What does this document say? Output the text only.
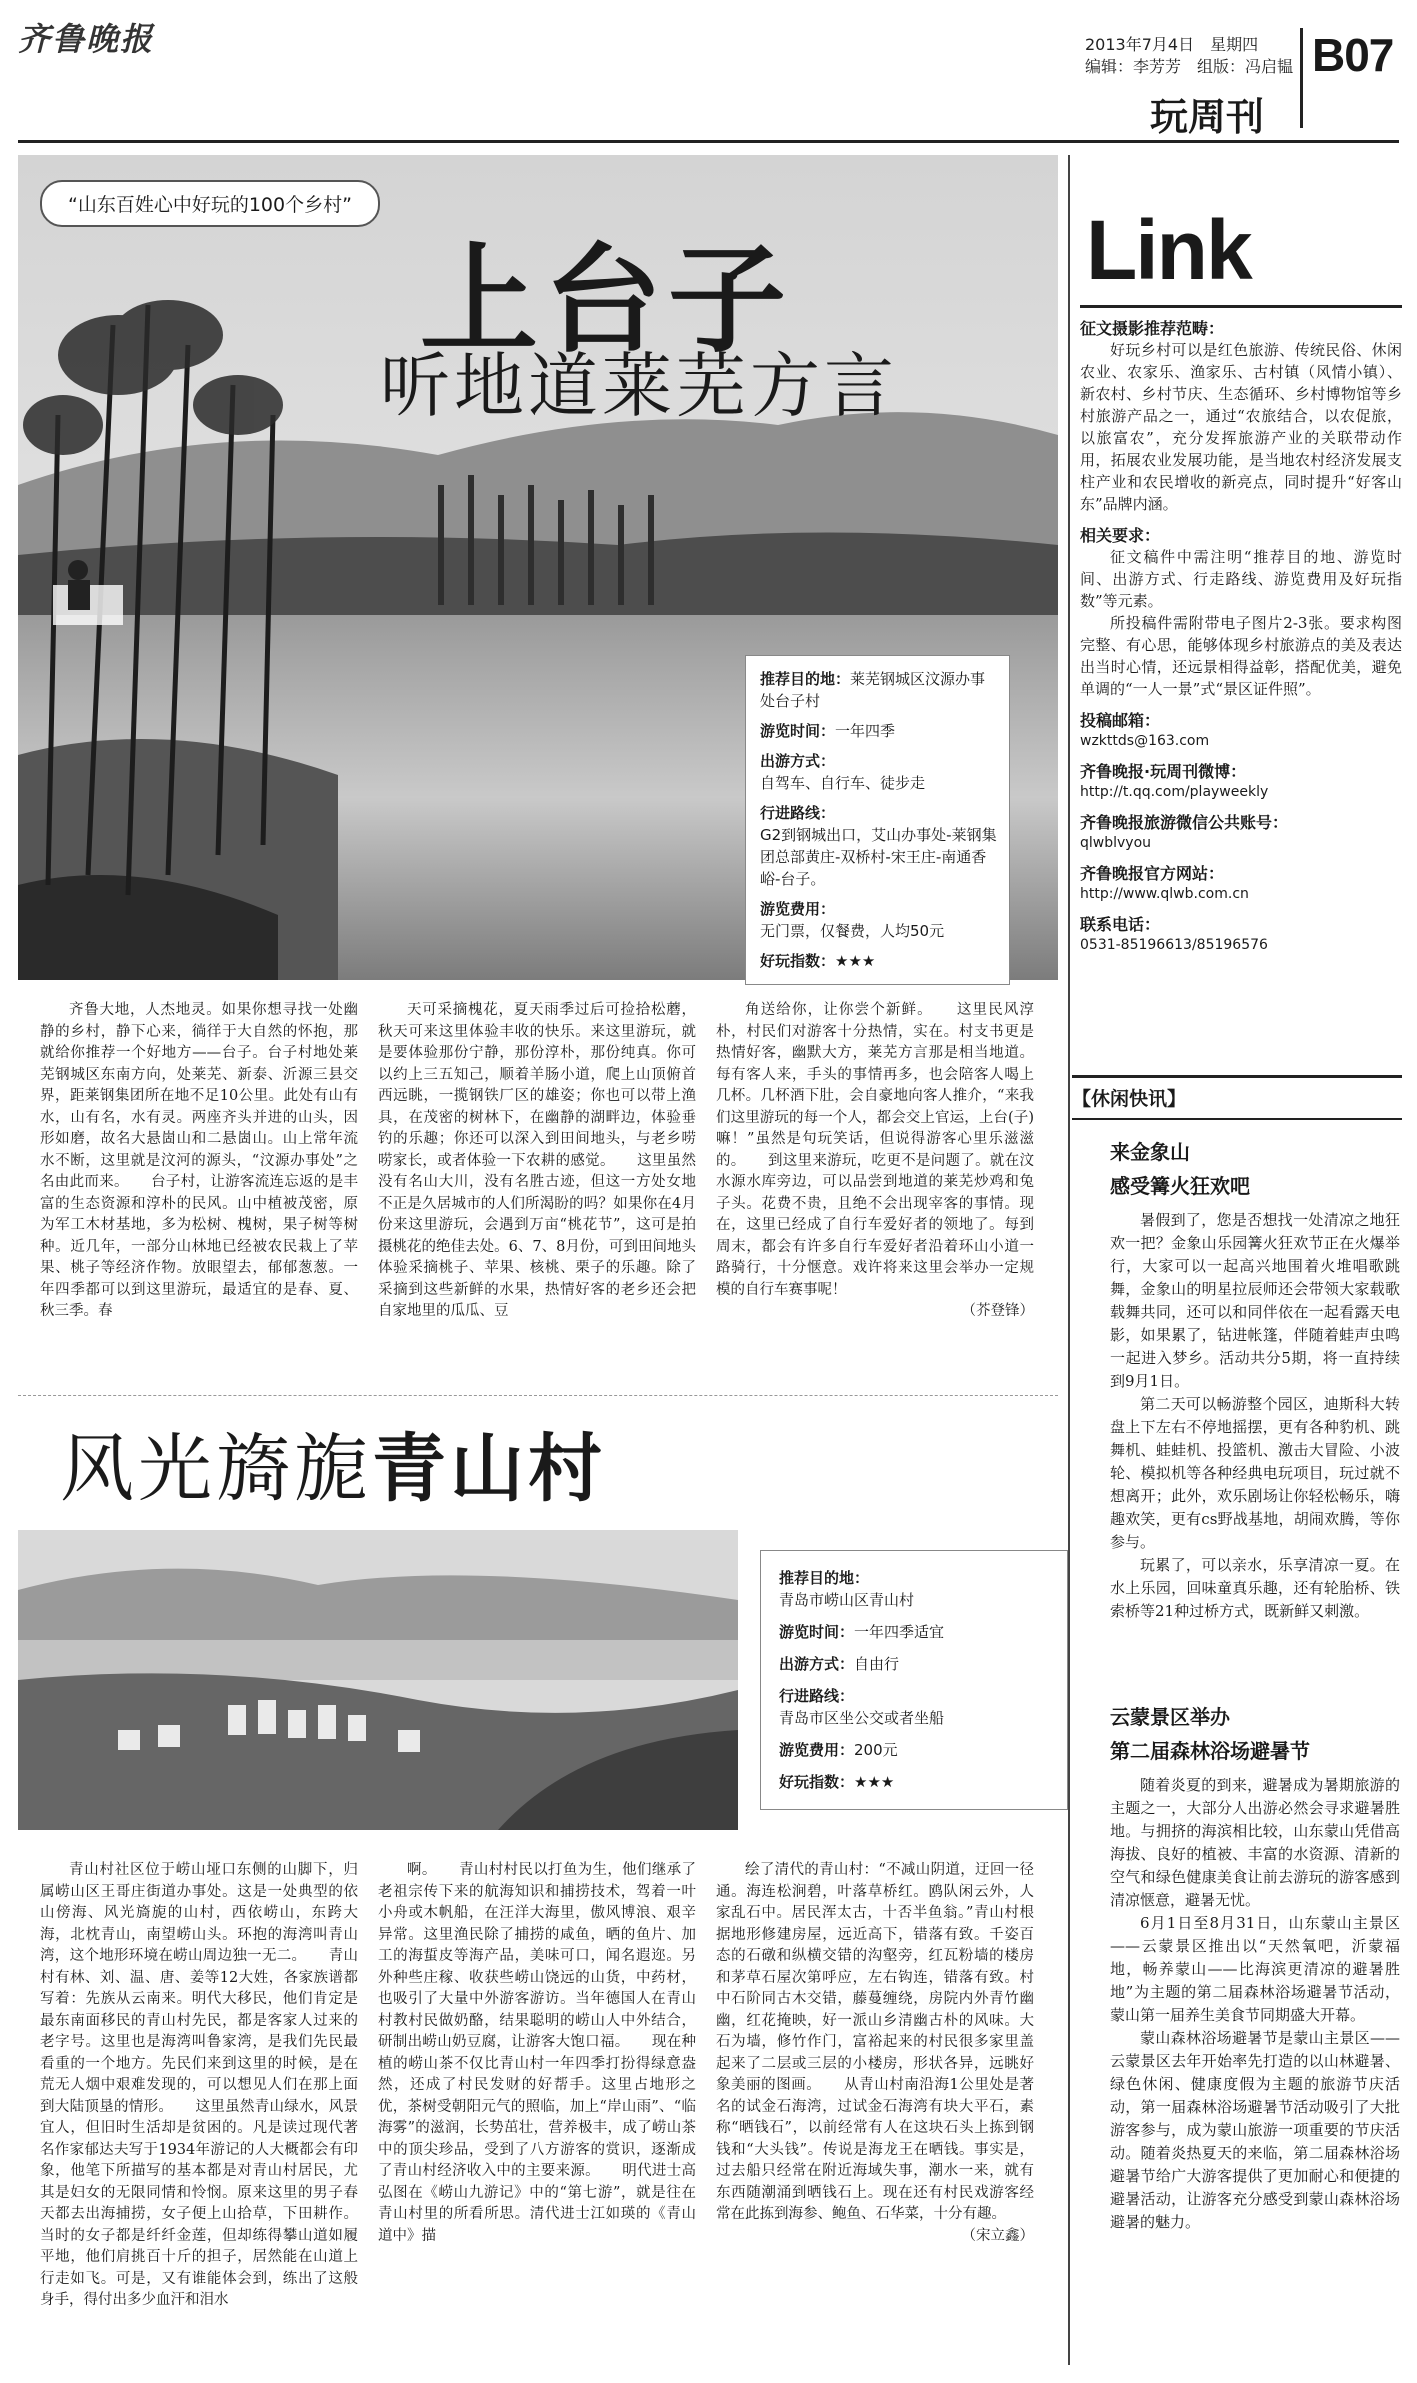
齐鲁晚报	2013年7月4日　星期四
编辑：李芳芳　组版：冯启韫 B07
玩周刊
“山东百姓心中好玩的100个乡村”
上台子
听地道莱芜方言
推荐目的地：莱芜钢城区汶源办事处台子村
游览时间：一年四季
出游方式：
自驾车、自行车、徒步走
行进路线：
G2到钢城出口，艾山办事处-莱钢集团总部黄庄-双桥村-宋王庄-南通香峪-台子。
游览费用：
无门票，仅餐费，人均50元
好玩指数：★★★

齐鲁大地，人杰地灵。如果你想寻找一处幽静的乡村，静下心来，徜徉于大自然的怀抱，那就给你推荐一个好地方——台子。台子村地处莱芜钢城区东南方向，处莱芜、新泰、沂源三县交界，距莱钢集团所在地不足10公里。此处有山有水，山有名，水有灵。两座齐头并进的山头，因形如磨，故名大悬崮山和二悬崮山。山上常年流水不断，这里就是汶河的源头，“汶源办事处”之名由此而来。　　台子村，让游客流连忘返的是丰富的生态资源和淳朴的民风。山中植被茂密，原为军工木材基地，多为松树、槐树，果子树等树种。近几年，一部分山林地已经被农民栽上了苹果、桃子等经济作物。放眼望去，郁郁葱葱。一年四季都可以到这里游玩，最适宜的是春、夏、秋三季。春

天可采摘槐花，夏天雨季过后可捡拾松蘑，秋天可来这里体验丰收的快乐。来这里游玩，就是要体验那份宁静，那份淳朴，那份纯真。你可以约上三五知己，顺着羊肠小道，爬上山顶俯首西远眺，一揽钢铁厂区的雄姿；你也可以带上渔具，在茂密的树林下，在幽静的湖畔边，体验垂钓的乐趣；你还可以深入到田间地头，与老乡唠唠家长，或者体验一下农耕的感觉。　　这里虽然没有名山大川，没有名胜古迹，但这一方处女地不正是久居城市的人们所渴盼的吗？如果你在4月份来这里游玩，会遇到万亩“桃花节”，这可是拍摄桃花的绝佳去处。6、7、8月份，可到田间地头体验采摘桃子、苹果、核桃、栗子的乐趣。除了采摘到这些新鲜的水果，热情好客的老乡还会把自家地里的瓜瓜、豆

角送给你，让你尝个新鲜。　　这里民风淳朴，村民们对游客十分热情，实在。村支书更是热情好客，幽默大方，莱芜方言那是相当地道。每有客人来，手头的事情再多，也会陪客人喝上几杯。几杯酒下肚，会自豪地向客人推介，“来我们这里游玩的每一个人，都会交上官运，上台(子)嘛！”虽然是句玩笑话，但说得游客心里乐滋滋的。　　到这里来游玩，吃更不是问题了。就在汶水源水库旁边，可以品尝到地道的莱芜炒鸡和兔子头。花费不贵，且绝不会出现宰客的事情。现在，这里已经成了自行车爱好者的领地了。每到周末，都会有许多自行车爱好者沿着环山小道一路骑行，十分惬意。戏许将来这里会举办一定规模的自行车赛事呢！

（芥登锋）
风光旖旎青山村
推荐目的地：
青岛市崂山区青山村
游览时间：一年四季适宜
出游方式：自由行
行进路线：
青岛市区坐公交或者坐船
游览费用：200元
好玩指数：★★★

青山村社区位于崂山垭口东侧的山脚下，归属崂山区王哥庄街道办事处。这是一处典型的依山傍海、风光旖旎的山村，西依崂山，东跨大海，北枕青山，南望崂山头。环抱的海湾叫青山湾，这个地形环境在崂山周边独一无二。　　青山村有林、刘、温、唐、姜等12大姓，各家族谱都写着：先族从云南来。明代大移民，他们肯定是最东南面移民的青山村先民，都是客家人过来的老字号。这里也是海湾叫鲁家湾，是我们先民最看重的一个地方。先民们来到这里的时候，是在荒无人烟中艰难发现的，可以想见人们在那上面到大陆顶垦的情形。　　这里虽然青山绿水，风景宜人，但旧时生活却是贫困的。凡是读过现代著名作家郁达夫写于1934年游记的人大概都会有印象，他笔下所描写的基本都是对青山村居民，尤其是妇女的无限同情和怜悯。原来这里的男子春天都去出海捕捞，女子便上山拾草，下田耕作。当时的女子都是纤纤金莲，但却练得攀山道如履平地，他们肩挑百十斤的担子，居然能在山道上行走如飞。可是，又有谁能体会到，练出了这般身手，得付出多少血汗和泪水

啊。　　青山村村民以打鱼为生，他们继承了老祖宗传下来的航海知识和捕捞技术，驾着一叶小舟或木帆船，在汪洋大海里，傲风博浪、艰辛异常。这里渔民除了捕捞的咸鱼，晒的鱼片、加工的海蜇皮等海产品，美味可口，闻名遐迩。另外种些庄稼、收获些崂山饶远的山货，中药材，也吸引了大量中外游客游访。当年德国人在青山村教村民做奶酪，结果聪明的崂山人中外结合，研制出崂山奶豆腐，让游客大饱口福。　　现在种植的崂山茶不仅比青山村一年四季打扮得绿意盎然，还成了村民发财的好帮手。这里占地形之优，茶树受朝阳元气的照临，加上“岸山雨”、“临海雾”的滋润，长势茁壮，营养极丰，成了崂山茶中的顶尖珍品，受到了八方游客的赏识，逐渐成了青山村经济收入中的主要来源。　　明代进士高弘图在《崂山九游记》中的“第七游”，就是往在青山村里的所看所思。清代进士江如瑛的《青山道中》描

绘了清代的青山村：“不减山阴道，迂回一径通。海连松涧碧，叶落草桥红。鸥队闲云外，人家乱石中。居民浑太古，十否半鱼翁。”青山村根据地形修建房屋，远近高下，错落有致。千姿百态的石礅和纵横交错的沟壑旁，红瓦粉墙的楼房和茅草石屋次第呼应，左右钩连，错落有致。村中石阶同古木交错，藤蔓缠绕，房院内外青竹幽幽，红花掩映，好一派山乡清幽古朴的风味。大石为墙，修竹作门，富裕起来的村民很多家里盖起来了二层或三层的小楼房，形状各异，远眺好象美丽的图画。　　从青山村南沿海1公里处是著名的试金石海湾，过试金石海湾有块大平石，素称“晒钱石”，以前经常有人在这块石头上拣到钢钱和“大头钱”。传说是海龙王在晒钱。事实是，过去船只经常在附近海域失事，潮水一来，就有东西随潮涌到晒钱石上。现在还有村民戏游客经常在此拣到海参、鲍鱼、石华菜，十分有趣。

（宋立鑫）
Link
征文摄影推荐范畴：
好玩乡村可以是红色旅游、传统民俗、休闲农业、农家乐、渔家乐、古村镇（风情小镇）、新农村、乡村节庆、生态循环、乡村博物馆等乡村旅游产品之一，通过“农旅结合，以农促旅，以旅富农”，充分发挥旅游产业的关联带动作用，拓展农业发展功能，是当地农村经济发展支柱产业和农民增收的新亮点，同时提升“好客山东”品牌内涵。
相关要求：
征文稿件中需注明“推荐目的地、游览时间、出游方式、行走路线、游览费用及好玩指数”等元素。
所投稿件需附带电子图片2-3张。要求构图完整、有心思，能够体现乡村旅游点的美及表达出当时心情，还远景相得益彰，搭配优美，避免单调的“一人一景”式“景区证件照”。
投稿邮箱：
wzkttds@163.com
齐鲁晚报·玩周刊微博：
http://t.qq.com/playweekly
齐鲁晚报旅游微信公共账号：
qlwblvyou
齐鲁晚报官方网站：
http://www.qlwb.com.cn
联系电话：
0531-85196613/85196576
【休闲快讯】
来金象山
感受篝火狂欢吧
暑假到了，您是否想找一处清凉之地狂欢一把？金象山乐园篝火狂欢节正在火爆举行，大家可以一起高兴地围着火堆唱歌跳舞，金象山的明星拉辰师还会带领大家载歌载舞共同，还可以和同伴依在一起看露天电影，如果累了，钻进帐篷，伴随着蛙声虫鸣一起进入梦乡。活动共分5期，将一直持续到9月1日。
第二天可以畅游整个园区，迪斯科大转盘上下左右不停地摇摆，更有各种豹机、跳舞机、蛙蛙机、投篮机、激击大冒险、小波轮、模拟机等各种经典电玩项目，玩过就不想离开；此外，欢乐剧场让你轻松畅乐，嗨趣欢笑，更有cs野战基地，胡闹欢腾，等你参与。
玩累了，可以亲水，乐享清凉一夏。在水上乐园，回味童真乐趣，还有轮胎桥、铁索桥等21种过桥方式，既新鲜又刺激。
云蒙景区举办
第二届森林浴场避暑节
随着炎夏的到来，避暑成为暑期旅游的主题之一，大部分人出游必然会寻求避暑胜地。与拥挤的海滨相比较，山东蒙山凭借高海拔、良好的植被、丰富的水资源、清新的空气和绿色健康美食让前去游玩的游客感到清凉惬意，避暑无忧。
6月1日至8月31日，山东蒙山主景区——云蒙景区推出以“天然氧吧，沂蒙福地，畅养蒙山——比海滨更清凉的避暑胜地”为主题的第二届森林浴场避暑节活动，蒙山第一届养生美食节同期盛大开幕。
蒙山森林浴场避暑节是蒙山主景区——云蒙景区去年开始率先打造的以山林避暑、绿色休闲、健康度假为主题的旅游节庆活动，第一届森林浴场避暑节活动吸引了大批游客参与，成为蒙山旅游一项重要的节庆活动。随着炎热夏天的来临，第二届森林浴场避暑节给广大游客提供了更加耐心和便捷的避暑活动，让游客充分感受到蒙山森林浴场避暑的魅力。
